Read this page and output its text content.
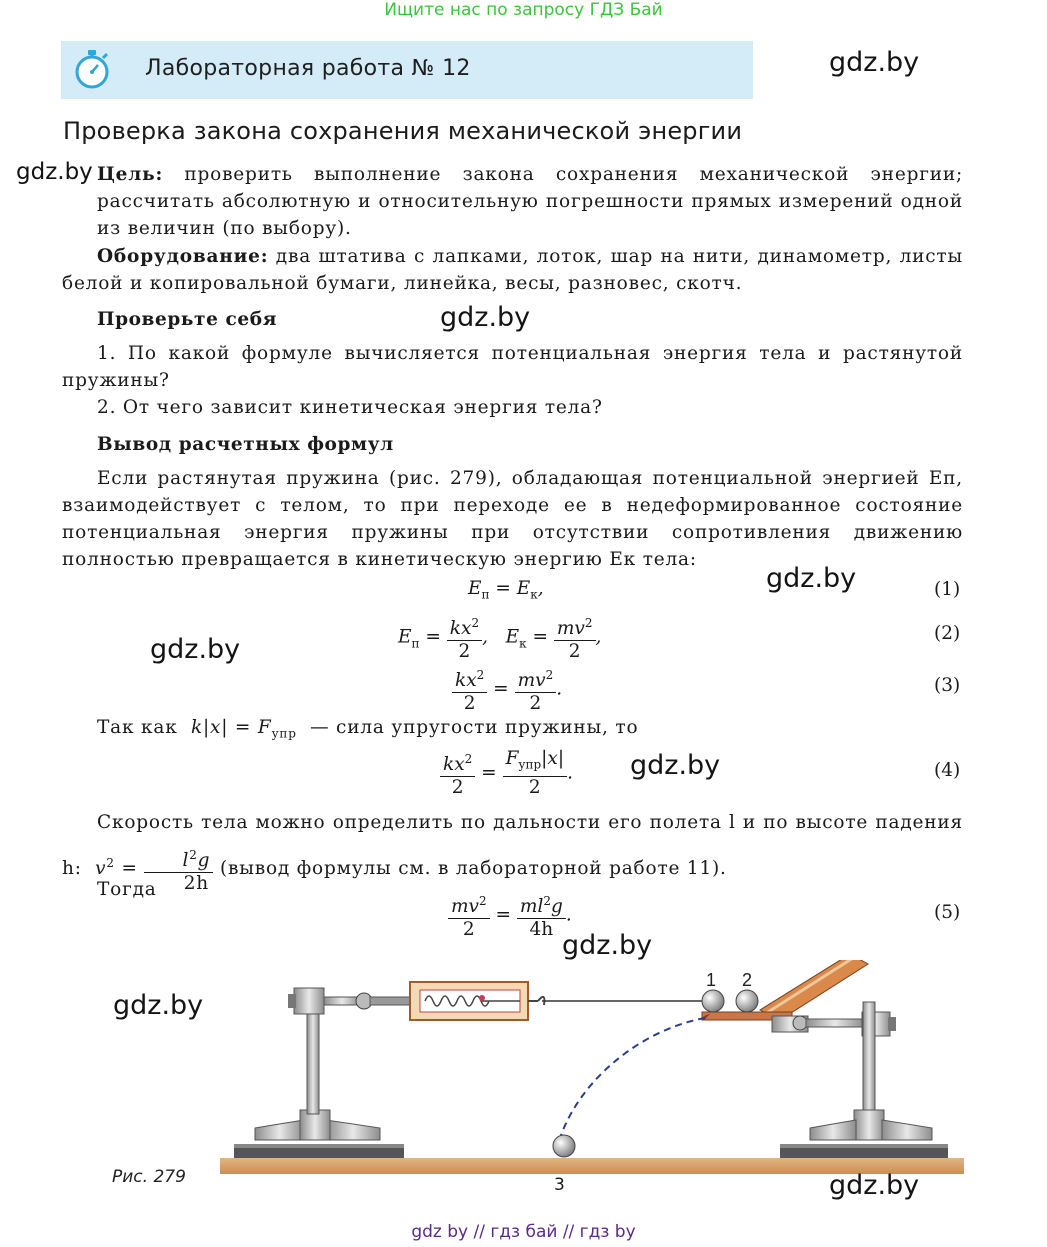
Ищите нас по запросу ГДЗ Бай
Лабораторная работа № 12	gdz.by
Проверка закона сохранения механической энергии
gdz.by Цель: проверить выполнение закона сохранения механической энергии; рассчитать абсолютную и относительную погрешности прямых измерений одной из величин (по выбору).
Оборудование: два штатива с лапками, лоток, шар на нити, динамометр, листы белой и копировальной бумаги, линейка, весы, разновес, скотч.
Проверьте себя	gdz.by
1. По какой формуле вычисляется потенциальная энергия тела и растянутой пружины?
2. От чего зависит кинетическая энергия тела?
Вывод расчетных формул
Если растянутая пружина (рис. 279), обладающая потенциальной энергией Eп, взаимодействует с телом, то при переходе ее в недеформированное состояние потенциальная энергия пружины при отсутствии сопротивления движению полностью превращается в кинетическую энергию Eк тела:
$E_п = E_к$,	(1)
gdz.by
$E_п = \frac{kx^2}{2}$ ,   $E_к = \frac{mv^2}{2}$ ,	(2)
gdz.by
$\frac{kx^2}{2} = \frac{mv^2}{2}$ .	(3)
Так как  $k|x| = F_{упр}$ — сила упругости пружины, то
$\frac{kx^2}{2} = \frac{F_{упр}|x|}{2}$ .	(4)
gdz.by
Скорость тела можно определить по дальности его полета l и по высоте падения h:  $v^2 = \frac{l^2g}{2h}$ (вывод формулы см. в лабораторной работе 11).
Тогда
$\frac{mv^2}{2} = \frac{ml^2g}{4h}$ .	(5)
gdz.by
gdz.by
1 2
Рис. 279	3	gdz.by
gdz by // гдз бай // гдз by
